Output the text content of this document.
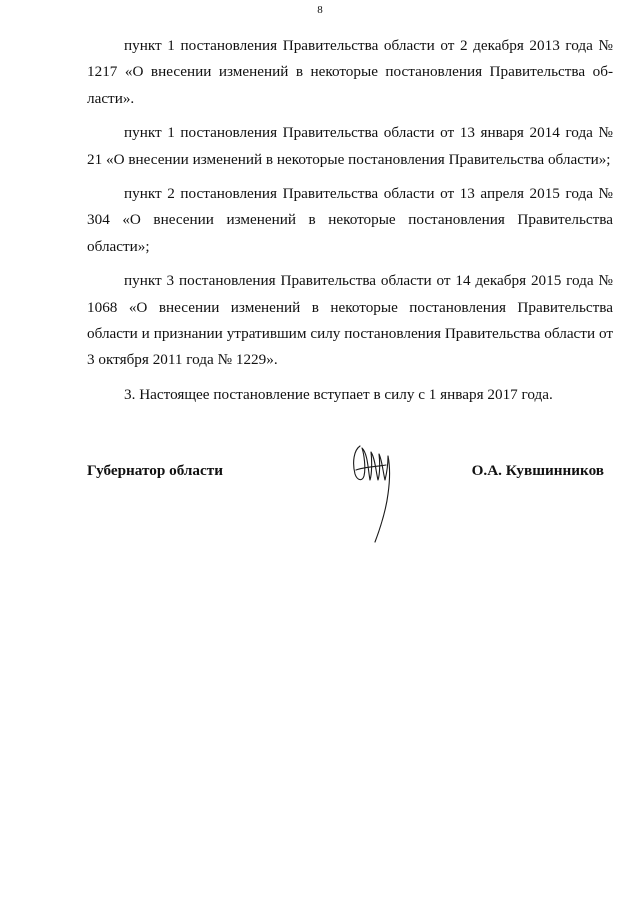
8

пункт 1 постановления Правительства области от 2 декабря 2013 года № 1217 «О внесении изменений в некоторые постановления Правительства области».

пункт 1 постановления Правительства области от 13 января 2014 года № 21 «О внесении изменений в некоторые постановления Правительства области»;

пункт 2 постановления Правительства области от 13 апреля 2015 года № 304 «О внесении изменений в некоторые постановления Правительства области»;

пункт 3 постановления Правительства области от 14 декабря 2015 года № 1068 «О внесении изменений в некоторые постановления Правительства области и признании утратившим силу постановления Правительства области от 3 октября 2011 года № 1229».

3. Настоящее постановление вступает в силу с 1 января 2017 года.

Губернатор области	О.А. Кувшинников
